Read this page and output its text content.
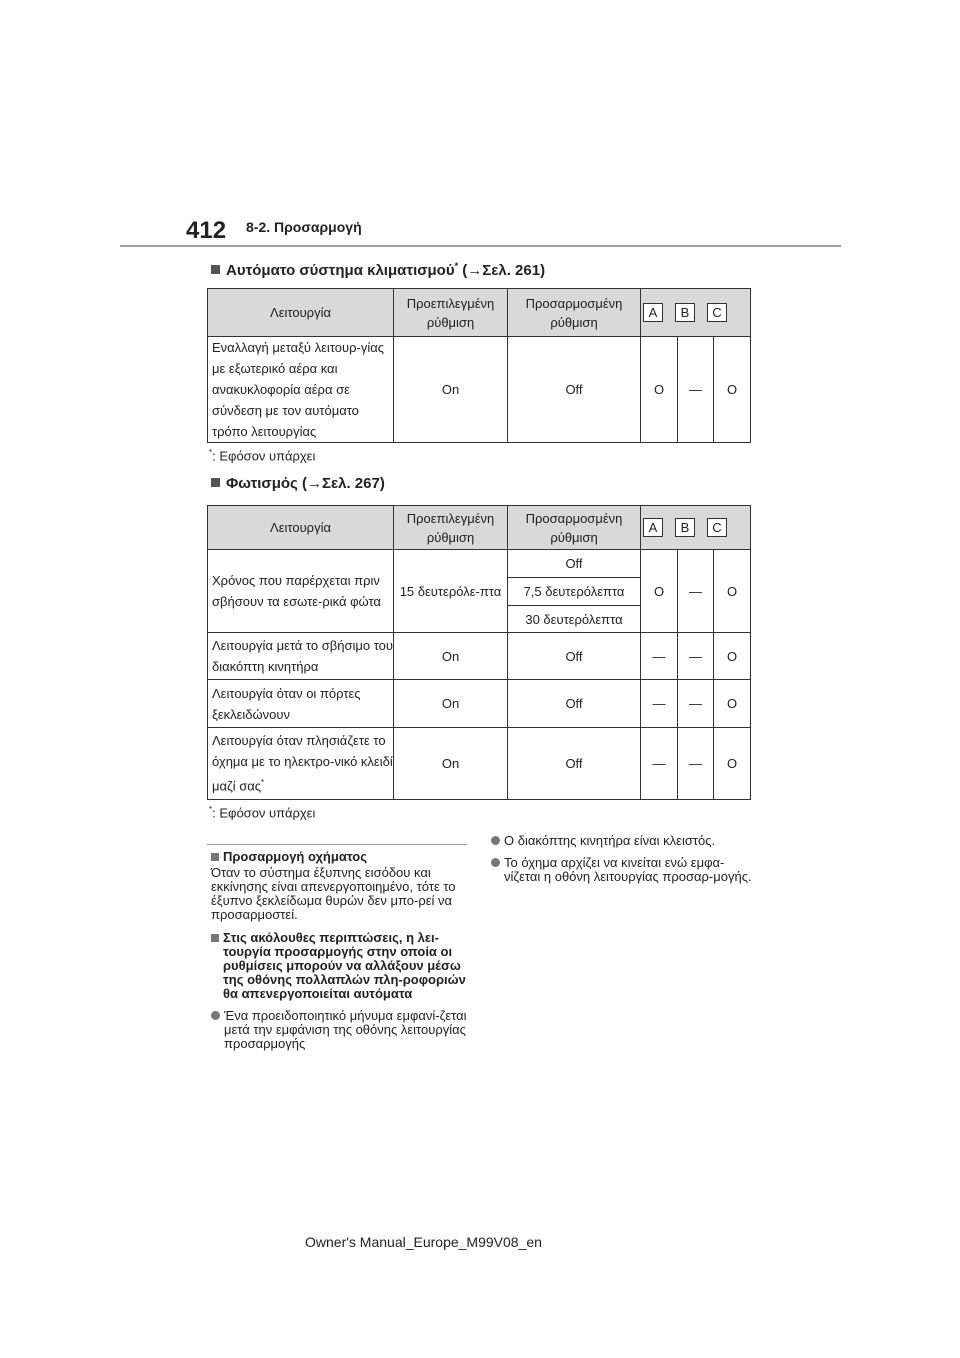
412 8-2. Προσαρμογή
Αυτόματο σύστημα κλιματισμού* (→Σελ. 261)
Λειτουργία	Προεπιλεγμένη ρύθμιση	Προσαρμοσμένη ρύθμιση	A B C		
Εναλλαγή μεταξύ λειτουρ-γίας με εξωτερικό αέρα και ανακυκλοφορία αέρα σε σύνδεση με τον αυτόματο τρόπο λειτουργίας	On	Off	O	—	O
*: Εφόσον υπάρχει
Φωτισμός (→Σελ. 267)
Λειτουργία	Προεπιλεγμένη ρύθμιση	Προσαρμοσμένη ρύθμιση	A B C		
Χρόνος που παρέρχεται πριν σβήσουν τα εσωτε-ρικά φώτα	15 δευτερόλε-πτα	Off	O	—	O
		7,5 δευτερόλεπτα			
		30 δευτερόλεπτα			
Λειτουργία μετά το σβήσιμο του διακόπτη κινητήρα	On	Off	—	—	O
Λειτουργία όταν οι πόρτες ξεκλειδώνουν	On	Off	—	—	O
Λειτουργία όταν πλησιάζετε το όχημα με το ηλεκτρο-νικό κλειδί μαζί σας*	On	Off	—	—	O
*: Εφόσον υπάρχει
Προσαρμογή οχήματος
Όταν το σύστημα έξυπνης εισόδου και εκκίνησης είναι απενεργοποιημένο, τότε το έξυπνο ξεκλείδωμα θυρών δεν μπο-ρεί να προσαρμοστεί.
Στις ακόλουθες περιπτώσεις, η λει-τουργία προσαρμογής στην οποία οι ρυθμίσεις μπορούν να αλλάξουν μέσω της οθόνης πολλαπλών πλη-ροφοριών θα απενεργοποιείται αυτόματα
Ένα προειδοποιητικό μήνυμα εμφανί-ζεται μετά την εμφάνιση της οθόνης λειτουργίας προσαρμογής
Ο διακόπτης κινητήρα είναι κλειστός.
Το όχημα αρχίζει να κινείται ενώ εμφα-νίζεται η οθόνη λειτουργίας προσαρ-μογής.
Owner's Manual_Europe_M99V08_en
